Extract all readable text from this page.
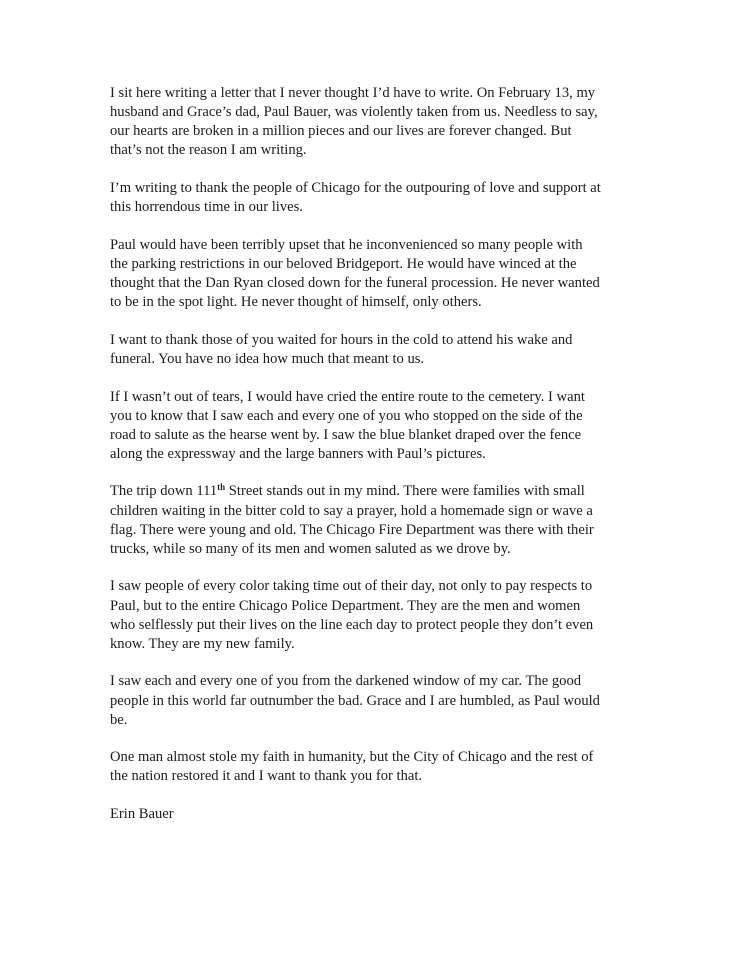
I sit here writing a letter that I never thought I’d have to write. On February 13, my
husband and Grace’s dad, Paul Bauer, was violently taken from us. Needless to say,
our hearts are broken in a million pieces and our lives are forever changed. But
that’s not the reason I am writing.

I’m writing to thank the people of Chicago for the outpouring of love and support at
this horrendous time in our lives.

Paul would have been terribly upset that he inconvenienced so many people with
the parking restrictions in our beloved Bridgeport. He would have winced at the
thought that the Dan Ryan closed down for the funeral procession. He never wanted
to be in the spot light. He never thought of himself, only others.

I want to thank those of you waited for hours in the cold to attend his wake and
funeral. You have no idea how much that meant to us.

If I wasn’t out of tears, I would have cried the entire route to the cemetery. I want
you to know that I saw each and every one of you who stopped on the side of the
road to salute as the hearse went by. I saw the blue blanket draped over the fence
along the expressway and the large banners with Paul’s pictures.

The trip down 111th Street stands out in my mind. There were families with small
children waiting in the bitter cold to say a prayer, hold a homemade sign or wave a
flag. There were young and old. The Chicago Fire Department was there with their
trucks, while so many of its men and women saluted as we drove by.

I saw people of every color taking time out of their day, not only to pay respects to
Paul, but to the entire Chicago Police Department. They are the men and women
who selflessly put their lives on the line each day to protect people they don’t even
know. They are my new family.

I saw each and every one of you from the darkened window of my car. The good
people in this world far outnumber the bad. Grace and I are humbled, as Paul would
be.

One man almost stole my faith in humanity, but the City of Chicago and the rest of
the nation restored it and I want to thank you for that.

Erin Bauer
